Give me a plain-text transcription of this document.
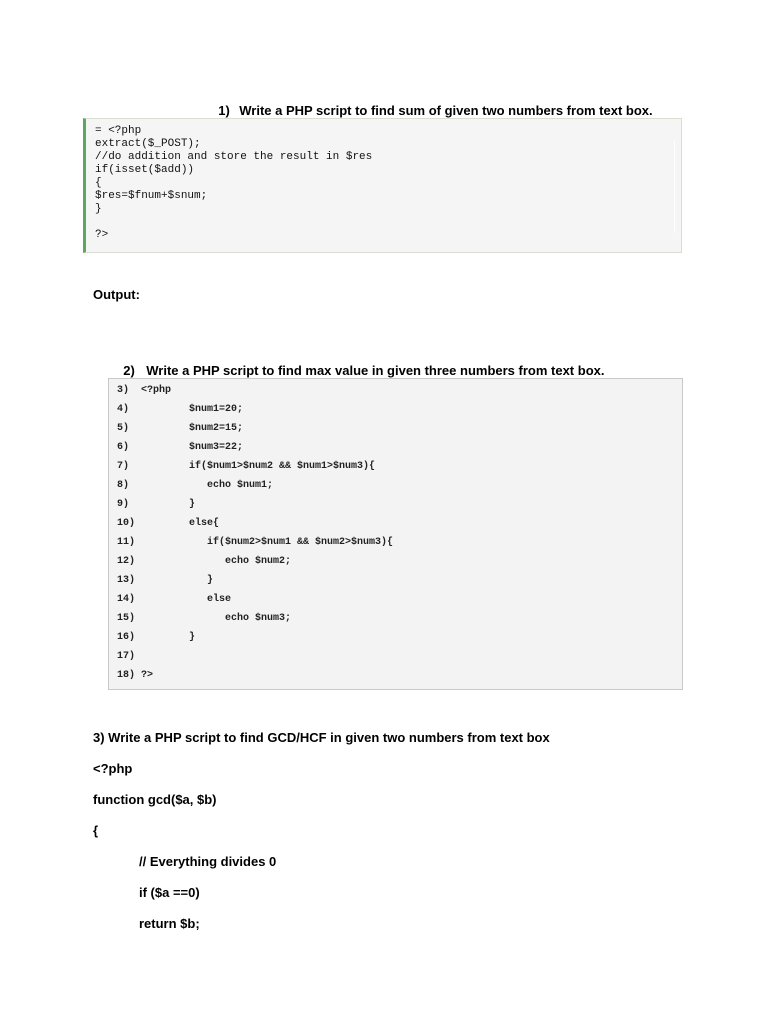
1) Write a PHP script to find sum of given two numbers from text box.

= <?php
extract($_POST);
//do addition and store the result in $res
if(isset($add))
{
$res=$fnum+$snum;
}
?>
Output:

2) Write a PHP script to find max value in given three numbers from text box.

3) <?php
4)        $num1=20;
5)        $num2=15;
6)        $num3=22;
7)        if($num1>$num2 && $num1>$num3){
8)           echo $num1;
9)        }
10)        else{
11)           if($num2>$num1 && $num2>$num3){
12)              echo $num2;
13)           }
14)           else
15)              echo $num3;
16)        }
17)
18) ?>
3) Write a PHP script to find GCD/HCF in given two numbers from text box
<?php
function gcd($a, $b)
{
// Everything divides 0
if ($a ==0)
return $b;
